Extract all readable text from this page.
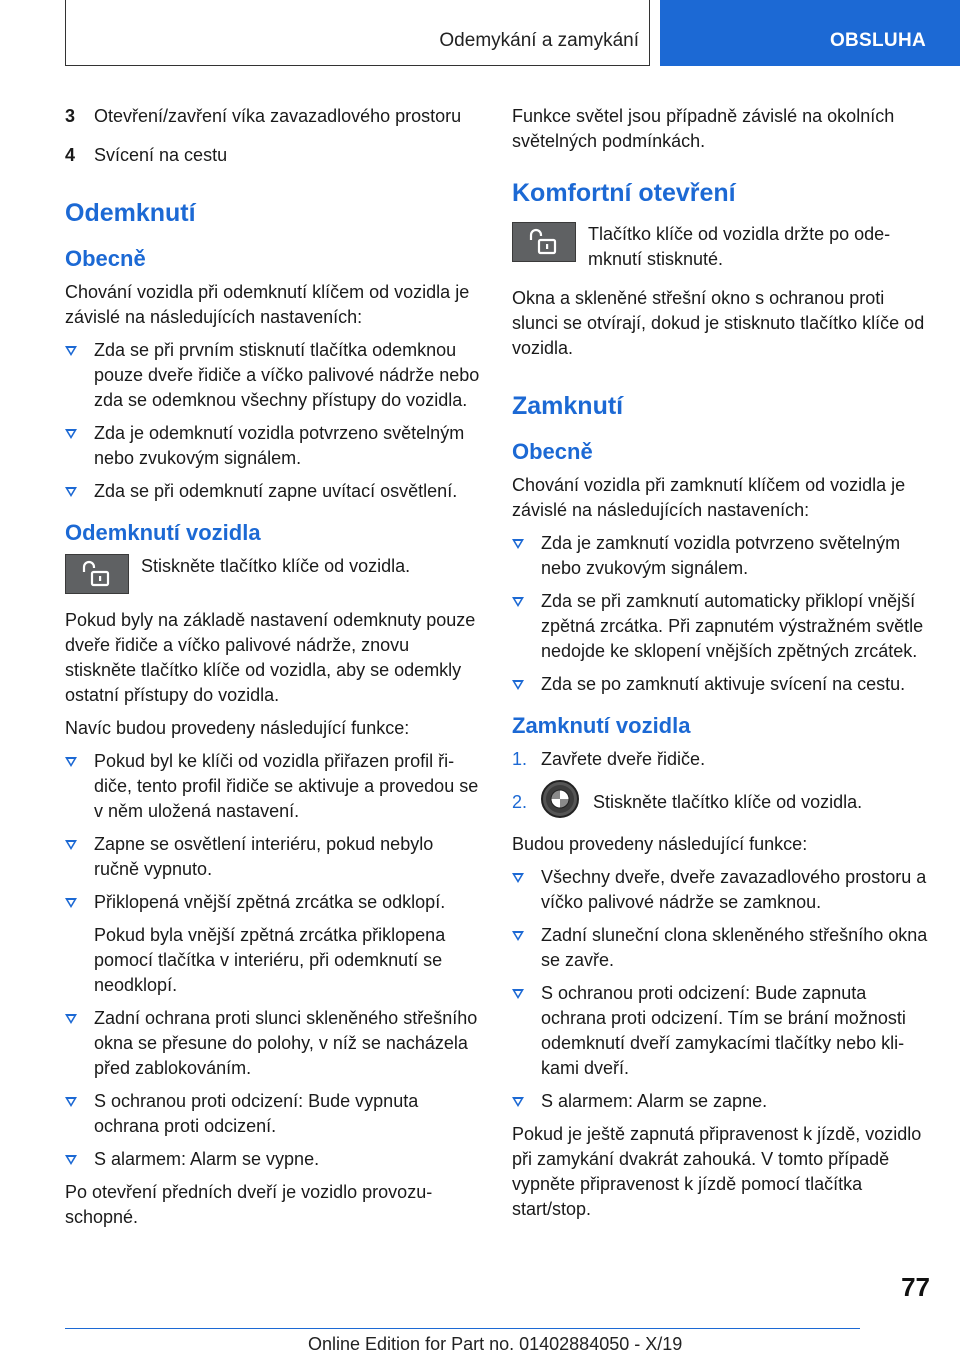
Odemykání a zamykání	OBSLUHA
3	Otevření/zavření víka zavazadlového prostoru
4	Svícení na cestu
Odemknutí
Obecně

Chování vozidla při odemknutí klíčem od vozidla je závislé na následujících nastaveních:

Zda se při prvním stisknutí tlačítka odemknou pouze dveře řidiče a víčko palivové nádrže nebo zda se odemknou všechny přístupy do vozidla.
Zda je odemknutí vozidla potvrzeno světelným nebo zvukovým signálem.
Zda se při odemknutí zapne uvítací osvětlení.
Odemknutí vozidla
Stiskněte tlačítko klíče od vozidla.

Pokud byly na základě nastavení odemknuty pouze dveře řidiče a víčko palivové nádrže, znovu stiskněte tlačítko klíče od vozidla, aby se odemkly ostatní přístupy do vozidla.

Navíc budou provedeny následující funkce:

Pokud byl ke klíči od vozidla přiřazen profil řidiče, tento profil řidiče se aktivuje a provedou se v něm uložená nastavení.
Zapne se osvětlení interiéru, pokud nebylo ručně vypnuto.
Přiklopená vnější zpětná zrcátka se odklopí.

Pokud byla vnější zpětná zrcátka přiklopena pomocí tlačítka v interiéru, při odemknutí se neodklopí.

Zadní ochrana proti slunci skleněného střešního okna se přesune do polohy, v níž se nacházela před zablokováním.
S ochranou proti odcizení: Bude vypnuta ochrana proti odcizení.
S alarmem: Alarm se vypne.

Po otevření předních dveří je vozidlo provozuschopné.

Funkce světel jsou případně závislé na okolních světelných podmínkách.

Komfortní otevření
Tlačítko klíče od vozidla držte po odemknutí stisknuté.

Okna a skleněné střešní okno s ochranou proti slunci se otvírají, dokud je stisknuto tlačítko klíče od vozidla.

Zamknutí
Obecně

Chování vozidla při zamknutí klíčem od vozidla je závislé na následujících nastaveních:

Zda je zamknutí vozidla potvrzeno světelným nebo zvukovým signálem.
Zda se při zamknutí automaticky přiklopí vnější zpětná zrcátka. Při zapnutém výstražném světle nedojde ke sklopení vnějších zpětných zrcátek.
Zda se po zamknutí aktivuje svícení na cestu.
Zamknutí vozidla
1. Zavřete dveře řidiče.
2.	Stiskněte tlačítko klíče od vozidla.

Budou provedeny následující funkce:

Všechny dveře, dveře zavazadlového prostoru a víčko palivové nádrže se zamknou.
Zadní sluneční clona skleněného střešního okna se zavře.
S ochranou proti odcizení: Bude zapnuta ochrana proti odcizení. Tím se brání možnosti odemknutí dveří zamykacími tlačítky nebo klikami dveří.
S alarmem: Alarm se zapne.

Pokud je ještě zapnutá připravenost k jízdě, vozidlo při zamykání dvakrát zahouká. V tomto případě vypněte připravenost k jízdě pomocí tlačítka start/stop.

77
Online Edition for Part no. 01402884050 - X/19
